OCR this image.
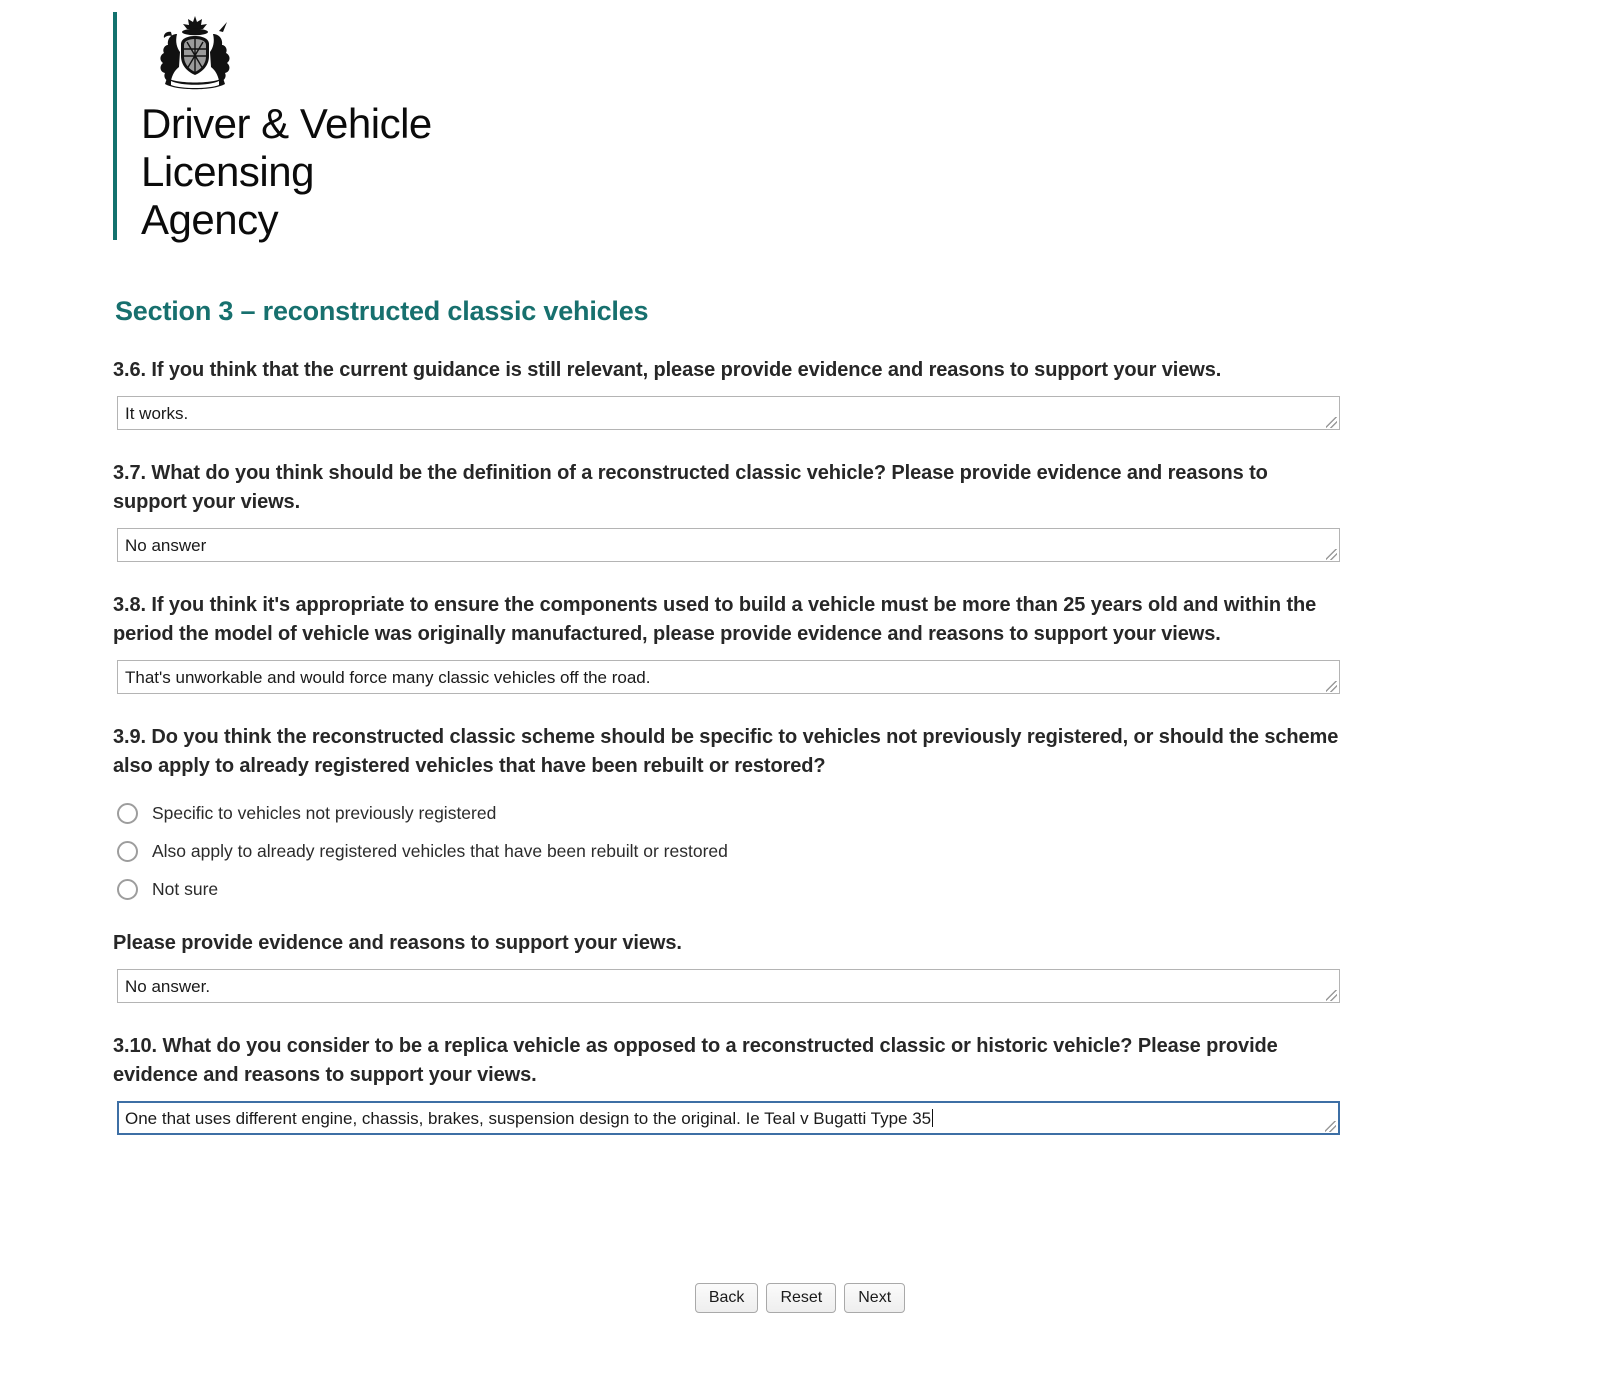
Driver & Vehicle
Licensing
Agency
Section 3 – reconstructed classic vehicles
3.6. If you think that the current guidance is still relevant, please provide evidence and reasons to support your views.
It works.
3.7. What do you think should be the definition of a reconstructed classic vehicle? Please provide evidence and reasons to support your views.
No answer
3.8. If you think it's appropriate to ensure the components used to build a vehicle must be more than 25 years old and within the period the model of vehicle was originally manufactured, please provide evidence and reasons to support your views.
That's unworkable and would force many classic vehicles off the road.
3.9. Do you think the reconstructed classic scheme should be specific to vehicles not previously registered, or should the scheme also apply to already registered vehicles that have been rebuilt or restored?
Specific to vehicles not previously registered
Also apply to already registered vehicles that have been rebuilt or restored
Not sure
Please provide evidence and reasons to support your views.
No answer.
3.10. What do you consider to be a replica vehicle as opposed to a reconstructed classic or historic vehicle? Please provide evidence and reasons to support your views.
One that uses different engine, chassis, brakes, suspension design to the original. Ie Teal v Bugatti Type 35
Back	Reset	Next
